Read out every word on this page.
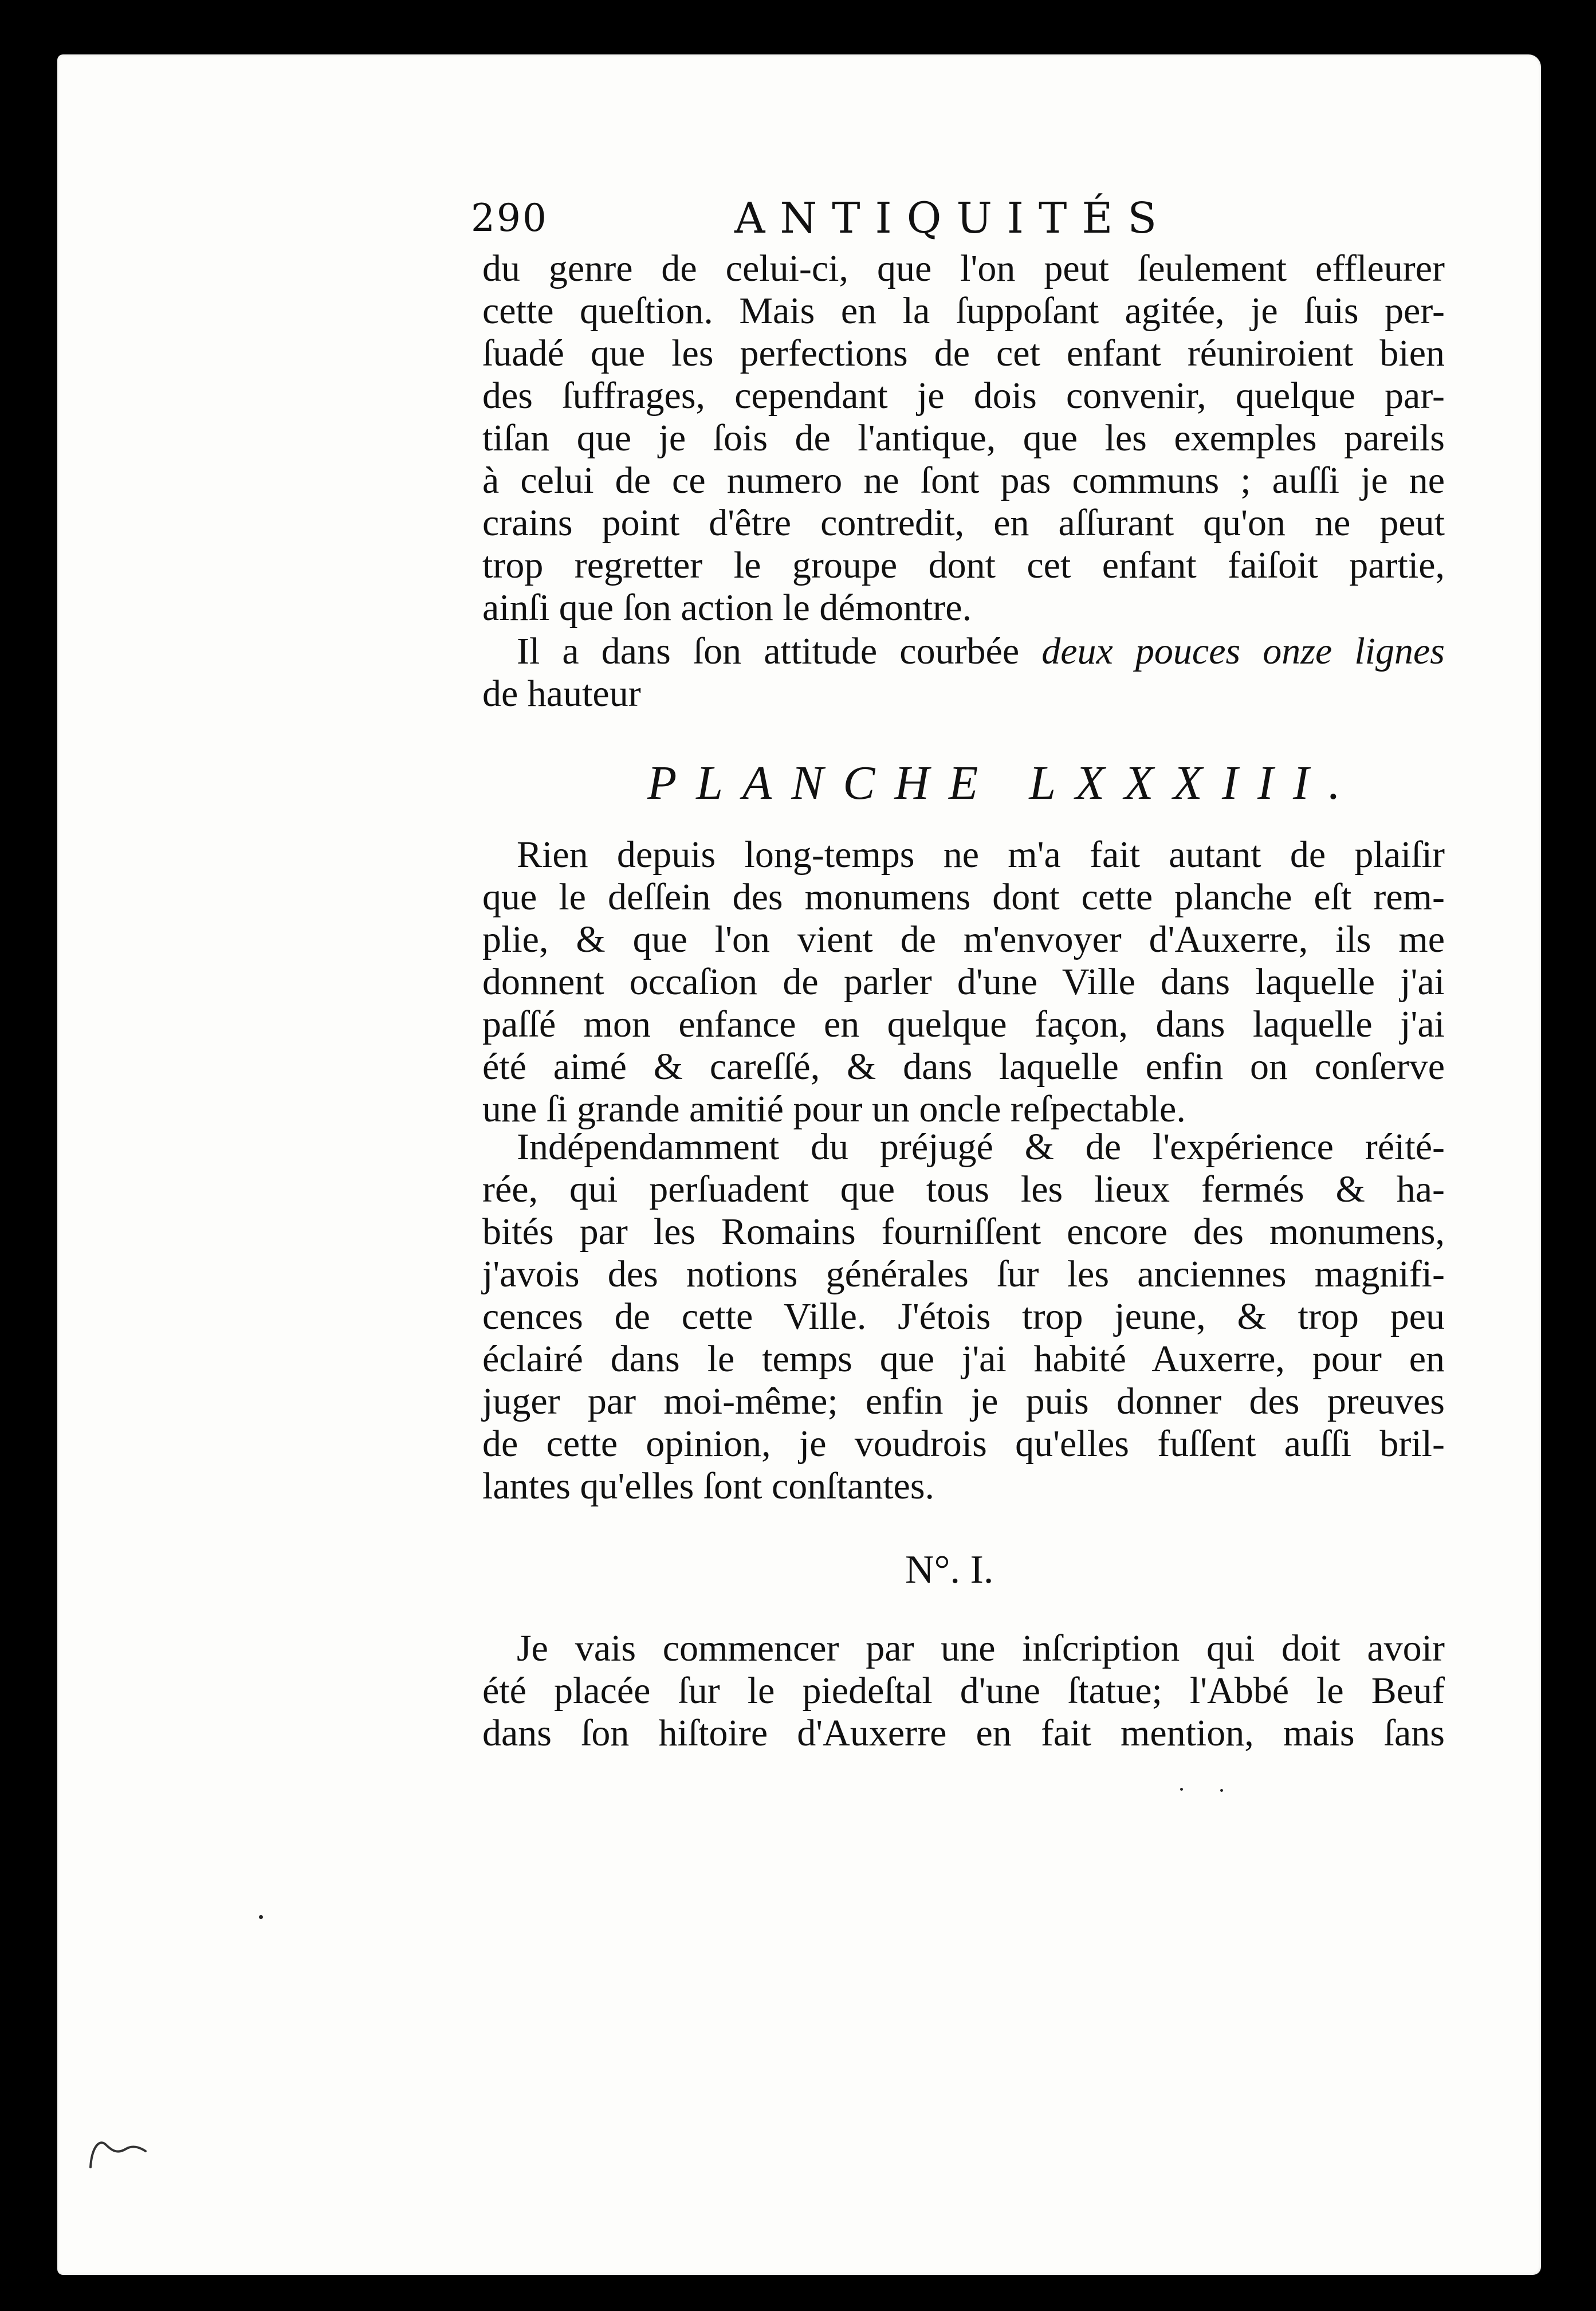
290	ANTIQUITÉS
du genre de celui-ci, que l'on peut ſeulement effleurer
cette queſtion. Mais en la ſuppoſant agitée, je ſuis per-
ſuadé que les perfections de cet enfant réuniroient bien
des ſuffrages, cependant je dois convenir, quelque par-
tiſan que je ſois de l'antique, que les exemples pareils
à celui de ce numero ne ſont pas communs ; auſſi je ne
crains point d'être contredit, en aſſurant qu'on ne peut
trop regretter le groupe dont cet enfant faiſoit partie,
ainſi que ſon action le démontre.
Il a dans ſon attitude courbée deux pouces onze lignes
de hauteur
PLANCHE LXXXIII.
Rien depuis long-temps ne m'a fait autant de plaiſir
que le deſſein des monumens dont cette planche eſt rem-
plie, & que l'on vient de m'envoyer d'Auxerre, ils me
donnent occaſion de parler d'une Ville dans laquelle j'ai
paſſé mon enfance en quelque façon, dans laquelle j'ai
été aimé & careſſé, & dans laquelle enfin on conſerve
une ſi grande amitié pour un oncle reſpectable.
Indépendamment du préjugé & de l'expérience réité-
rée, qui perſuadent que tous les lieux fermés & ha-
bités par les Romains fourniſſent encore des monumens,
j'avois des notions générales ſur les anciennes magnifi-
cences de cette Ville. J'étois trop jeune, & trop peu
éclairé dans le temps que j'ai habité Auxerre, pour en
juger par moi-même; enfin je puis donner des preuves
de cette opinion, je voudrois qu'elles fuſſent auſſi bril-
lantes qu'elles ſont conſtantes.
N°. I.
Je vais commencer par une inſcription qui doit avoir
été placée ſur le piedeſtal d'une ſtatue; l'Abbé le Beuf
dans ſon hiſtoire d'Auxerre en fait mention, mais ſans
